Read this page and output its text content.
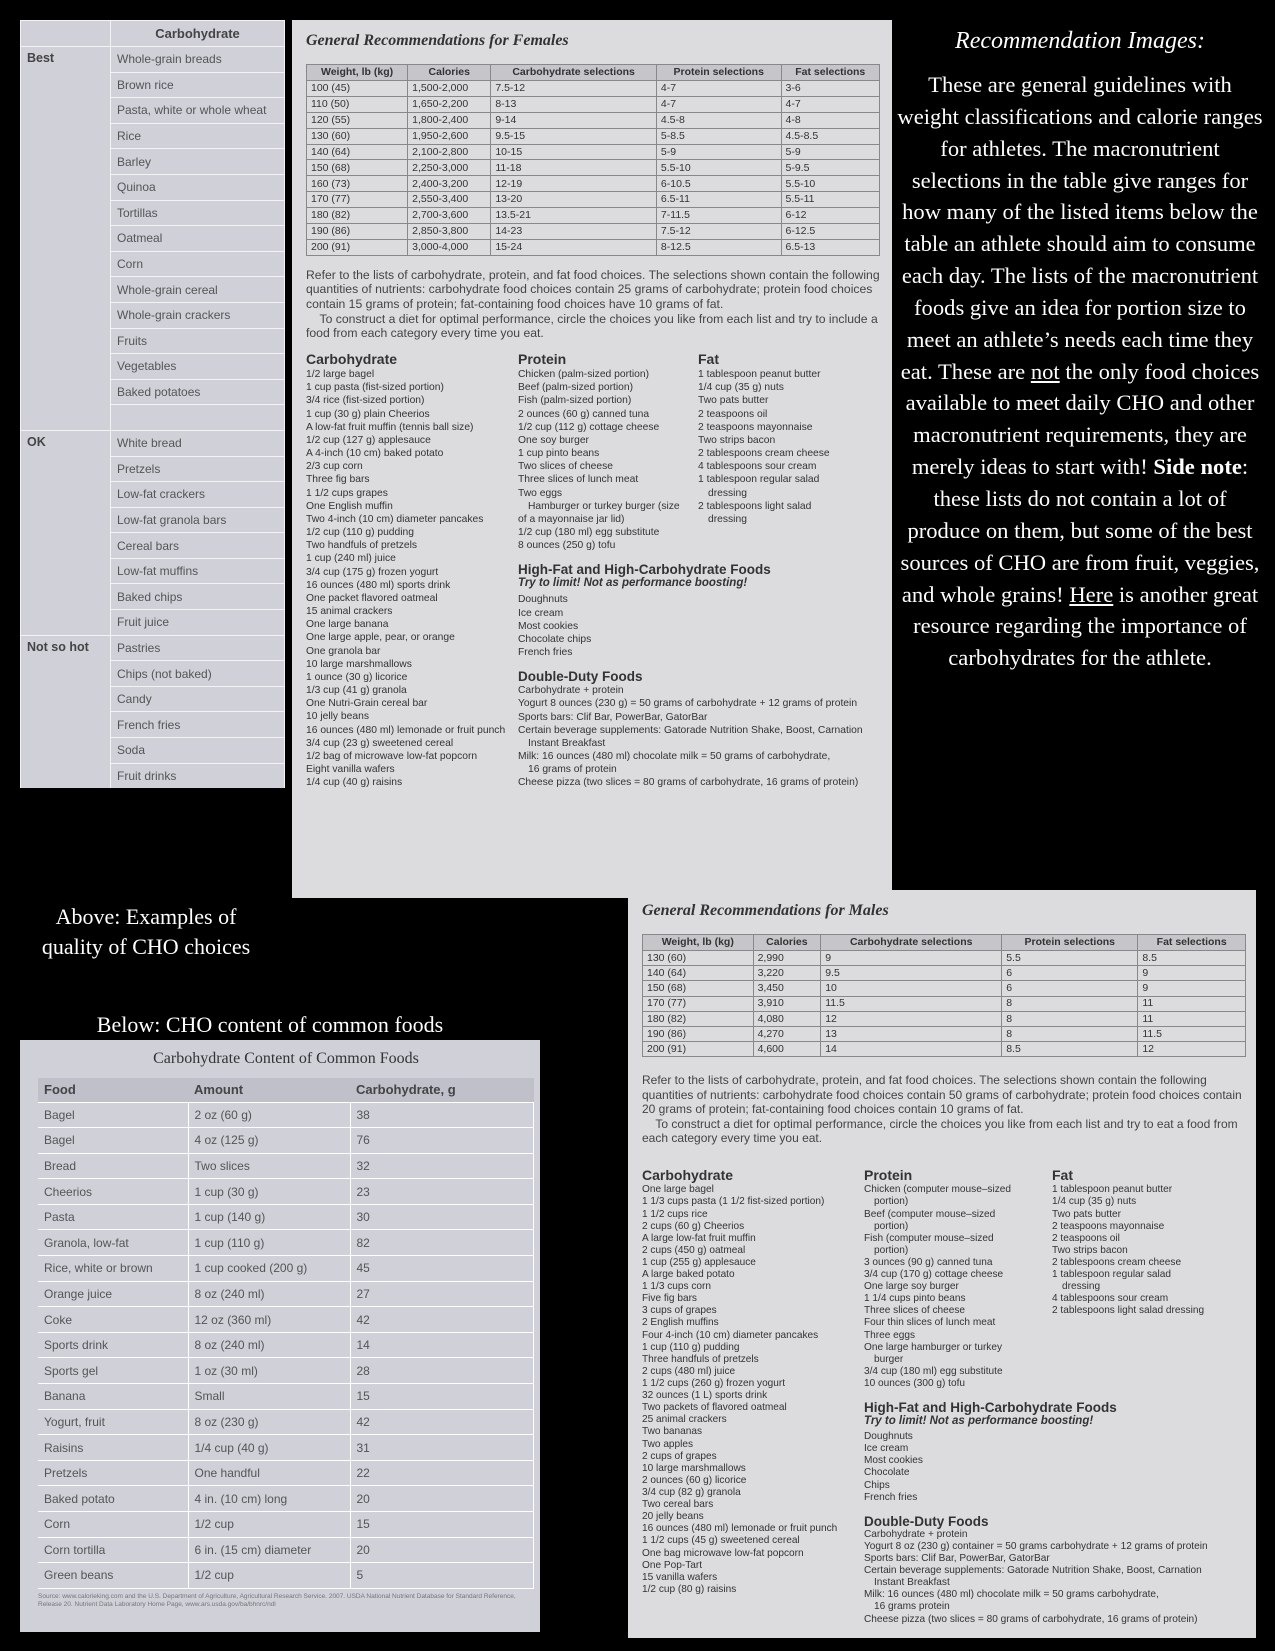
	Carbohydrate
Best	Whole-grain breads
	Brown rice
	Pasta, white or whole wheat
	Rice
	Barley
	Quinoa
	Tortillas
	Oatmeal
	Corn
	Whole-grain cereal
	Whole-grain crackers
	Fruits
	Vegetables
	Baked potatoes

OK	White bread
	Pretzels
	Low-fat crackers
	Low-fat granola bars
	Cereal bars
	Low-fat muffins
	Baked chips
	Fruit juice
Not so hot	Pastries
	Chips (not baked)
	Candy
	French fries
	Soda
	Fruit drinks
General Recommendations for Females
Weight, lb (kg)	Calories	Carbohydrate selections	Protein selections	Fat selections
100 (45)	1,500-2,000	7.5-12	4-7	3-6
110 (50)	1,650-2,200	8-13	4-7	4-7
120 (55)	1,800-2,400	9-14	4.5-8	4-8
130 (60)	1,950-2,600	9.5-15	5-8.5	4.5-8.5
140 (64)	2,100-2,800	10-15	5-9	5-9
150 (68)	2,250-3,000	11-18	5.5-10	5-9.5
160 (73)	2,400-3,200	12-19	6-10.5	5.5-10
170 (77)	2,550-3,400	13-20	6.5-11	5.5-11
180 (82)	2,700-3,600	13.5-21	7-11.5	6-12
190 (86)	2,850-3,800	14-23	7.5-12	6-12.5
200 (91)	3,000-4,000	15-24	8-12.5	6.5-13

Refer to the lists of carbohydrate, protein, and fat food choices. The selections shown contain the following quantities of nutrients: carbohydrate food choices contain 25 grams of carbohydrate; protein food choices contain 15 grams of protein; fat-containing food choices have 10 grams of fat.
To construct a diet for optimal performance, circle the choices you like from each list and try to include a food from each category every time you eat.

Carbohydrate
1/2 large bagel
1 cup pasta (fist-sized portion)
3/4 rice (fist-sized portion)
1 cup (30 g) plain Cheerios
A low-fat fruit muffin (tennis ball size)
1/2 cup (127 g) applesauce
A 4-inch (10 cm) baked potato
2/3 cup corn
Three fig bars
1 1/2 cups grapes
One English muffin
Two 4-inch (10 cm) diameter pancakes
1/2 cup (110 g) pudding
Two handfuls of pretzels
1 cup (240 ml) juice
3/4 cup (175 g) frozen yogurt
16 ounces (480 ml) sports drink
One packet flavored oatmeal
15 animal crackers
One large banana
One large apple, pear, or orange
One granola bar
10 large marshmallows
1 ounce (30 g) licorice
1/3 cup (41 g) granola
One Nutri-Grain cereal bar
10 jelly beans
16 ounces (480 ml) lemonade or fruit punch
3/4 cup (23 g) sweetened cereal
1/2 bag of microwave low-fat popcorn
Eight vanilla wafers
1/4 cup (40 g) raisins
Protein
Chicken (palm-sized portion)
Beef (palm-sized portion)
Fish (palm-sized portion)
2 ounces (60 g) canned tuna
1/2 cup (112 g) cottage cheese
One soy burger
1 cup pinto beans
Two slices of cheese
Three slices of lunch meat
Two eggs
Hamburger or turkey burger (size
of a mayonnaise jar lid)
1/2 cup (180 ml) egg substitute
8 ounces (250 g) tofu
Fat
1 tablespoon peanut butter
1/4 cup (35 g) nuts
Two pats butter
2 teaspoons oil
2 teaspoons mayonnaise
Two strips bacon
2 tablespoons cream cheese
4 tablespoons sour cream
1 tablespoon regular salad
dressing
2 tablespoons light salad
dressing
High-Fat and High-Carbohydrate Foods
Try to limit! Not as performance boosting!
Doughnuts
Ice cream
Most cookies
Chocolate chips
French fries
Double-Duty Foods
Carbohydrate + protein
Yogurt 8 ounces (230 g) = 50 grams of carbohydrate + 12 grams of protein
Sports bars: Clif Bar, PowerBar, GatorBar
Certain beverage supplements: Gatorade Nutrition Shake, Boost, Carnation
Instant Breakfast
Milk: 16 ounces (480 ml) chocolate milk = 50 grams of carbohydrate,
16 grams of protein
Cheese pizza (two slices = 80 grams of carbohydrate, 16 grams of protein)
Recommendation Images:

These are general guidelines with weight classifications and calorie ranges for athletes. The macronutrient selections in the table give ranges for how many of the listed items below the table an athlete should aim to consume each day. The lists of the macronutrient foods give an idea for portion size to meet an athlete’s needs each time they eat. These are not the only food choices available to meet daily CHO and other macronutrient requirements, they are merely ideas to start with! Side note: these lists do not contain a lot of produce on them, but some of the best sources of CHO are from fruit, veggies, and whole grains! Here is another great resource regarding the importance of carbohydrates for the athlete.

Above: Examples of quality of CHO choices
Below: CHO content of common foods
Carbohydrate Content of Common Foods
Food	Amount	Carbohydrate, g
Bagel	2 oz (60 g)	38
Bagel	4 oz (125 g)	76
Bread	Two slices	32
Cheerios	1 cup (30 g)	23
Pasta	1 cup (140 g)	30
Granola, low-fat	1 cup (110 g)	82
Rice, white or brown	1 cup cooked (200 g)	45
Orange juice	8 oz (240 ml)	27
Coke	12 oz (360 ml)	42
Sports drink	8 oz (240 ml)	14
Sports gel	1 oz (30 ml)	28
Banana	Small	15
Yogurt, fruit	8 oz (230 g)	42
Raisins	1/4 cup (40 g)	31
Pretzels	One handful	22
Baked potato	4 in. (10 cm) long	20
Corn	1/2 cup	15
Corn tortilla	6 in. (15 cm) diameter	20
Green beans	1/2 cup	5
Source: www.calorieking.com and the U.S. Department of Agriculture, Agricultural Research Service. 2007. USDA National Nutrient Database for Standard Reference, Release 20. Nutrient Data Laboratory Home Page, www.ars.usda.gov/ba/bhnrc/ndl
General Recommendations for Males
Weight, lb (kg)	Calories	Carbohydrate selections	Protein selections	Fat selections
130 (60)	2,990	9	5.5	8.5
140 (64)	3,220	9.5	6	9
150 (68)	3,450	10	6	9
170 (77)	3,910	11.5	8	11
180 (82)	4,080	12	8	11
190 (86)	4,270	13	8	11.5
200 (91)	4,600	14	8.5	12

Refer to the lists of carbohydrate, protein, and fat food choices. The selections shown contain the following quantities of nutrients: carbohydrate food choices contain 50 grams of carbohydrate; protein food choices contain 20 grams of protein; fat-containing food choices contain 10 grams of fat.
To construct a diet for optimal performance, circle the choices you like from each list and try to eat a food from each category every time you eat.

Carbohydrate
One large bagel
1 1/3 cups pasta (1 1/2 fist-sized portion)
1 1/2 cups rice
2 cups (60 g) Cheerios
A large low-fat fruit muffin
2 cups (450 g) oatmeal
1 cup (255 g) applesauce
A large baked potato
1 1/3 cups corn
Five fig bars
3 cups of grapes
2 English muffins
Four 4-inch (10 cm) diameter pancakes
1 cup (110 g) pudding
Three handfuls of pretzels
2 cups (480 ml) juice
1 1/2 cups (260 g) frozen yogurt
32 ounces (1 L) sports drink
Two packets of flavored oatmeal
25 animal crackers
Two bananas
Two apples
2 cups of grapes
10 large marshmallows
2 ounces (60 g) licorice
3/4 cup (82 g) granola
Two cereal bars
20 jelly beans
16 ounces (480 ml) lemonade or fruit punch
1 1/2 cups (45 g) sweetened cereal
One bag microwave low-fat popcorn
One Pop-Tart
15 vanilla wafers
1/2 cup (80 g) raisins
Protein
Chicken (computer mouse–sized
portion)
Beef (computer mouse–sized
portion)
Fish (computer mouse–sized
portion)
3 ounces (90 g) canned tuna
3/4 cup (170 g) cottage cheese
One large soy burger
1 1/4 cups pinto beans
Three slices of cheese
Four thin slices of lunch meat
Three eggs
One large hamburger or turkey
burger
3/4 cup (180 ml) egg substitute
10 ounces (300 g) tofu
Fat
1 tablespoon peanut butter
1/4 cup (35 g) nuts
Two pats butter
2 teaspoons mayonnaise
2 teaspoons oil
Two strips bacon
2 tablespoons cream cheese
1 tablespoon regular salad
dressing
4 tablespoons sour cream
2 tablespoons light salad dressing
High-Fat and High-Carbohydrate Foods
Try to limit! Not as performance boosting!
Doughnuts
Ice cream
Most cookies
Chocolate
Chips
French fries
Double-Duty Foods
Carbohydrate + protein
Yogurt 8 oz (230 g) container = 50 grams carbohydrate + 12 grams of protein
Sports bars: Clif Bar, PowerBar, GatorBar
Certain beverage supplements: Gatorade Nutrition Shake, Boost, Carnation
Instant Breakfast
Milk: 16 ounces (480 ml) chocolate milk = 50 grams carbohydrate,
16 grams protein
Cheese pizza (two slices = 80 grams of carbohydrate, 16 grams of protein)
